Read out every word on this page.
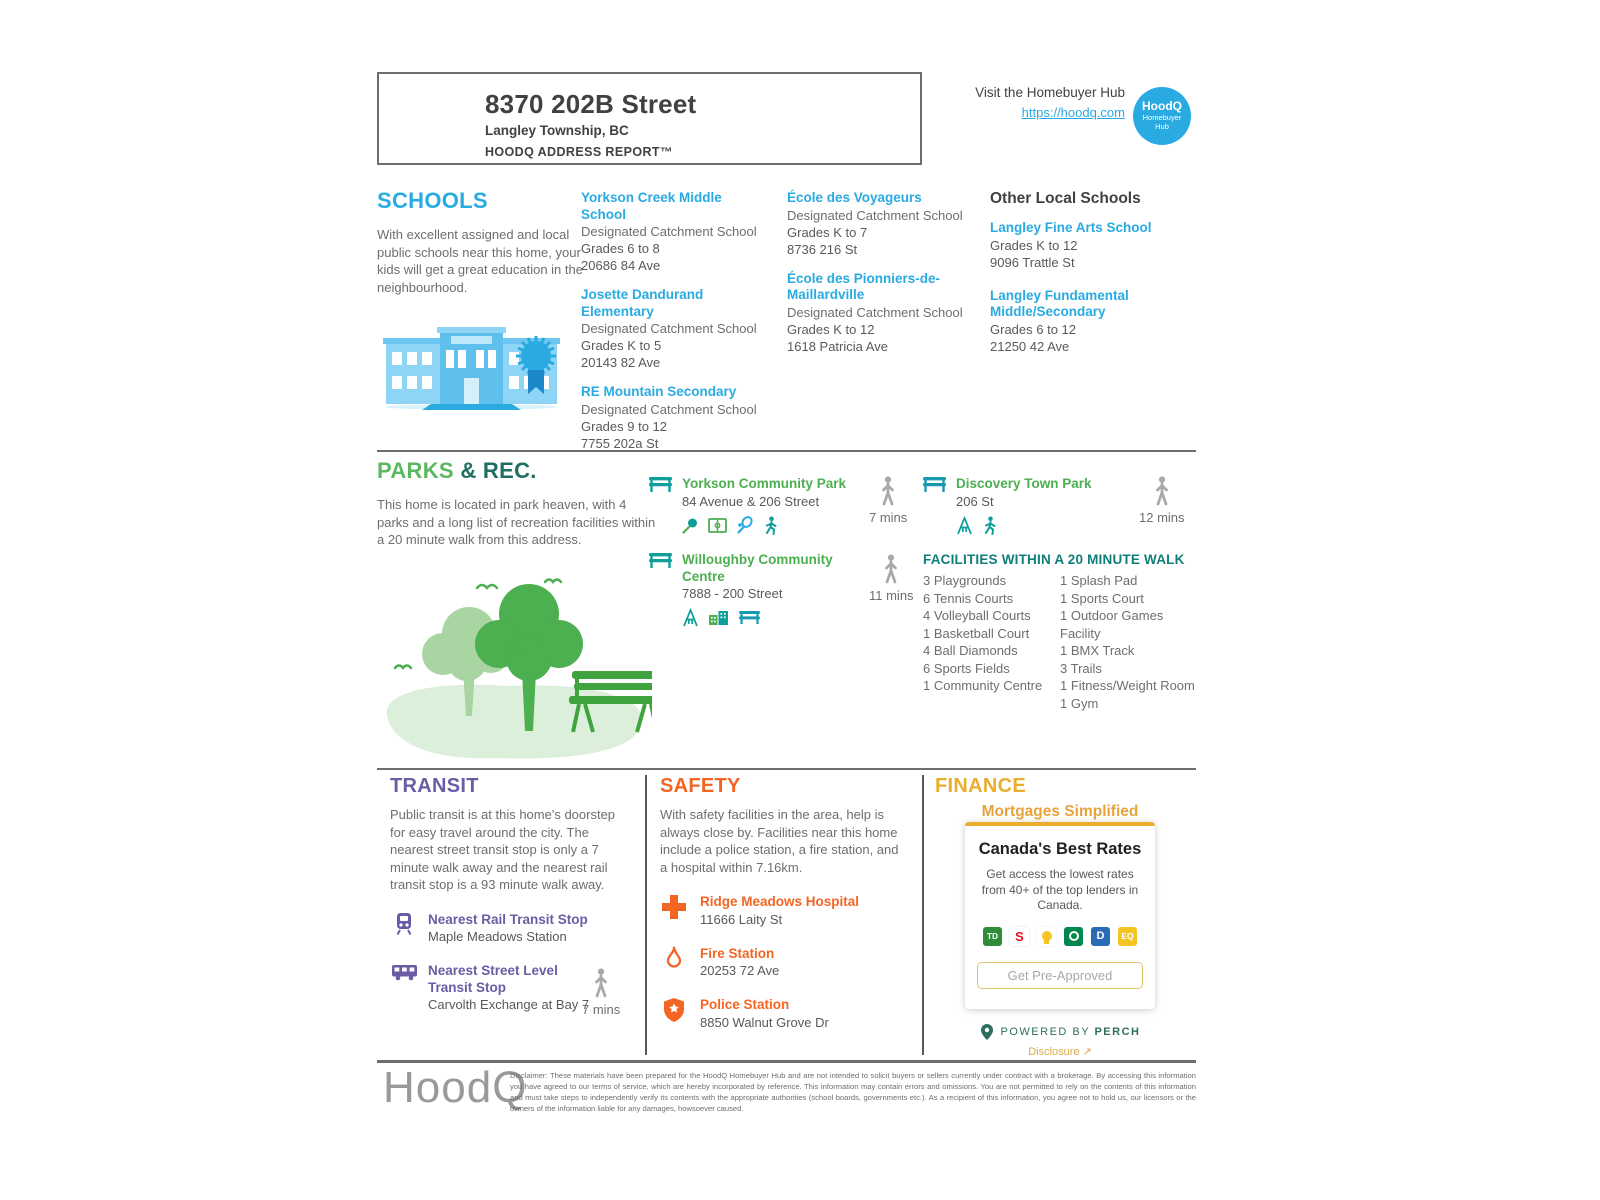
8370 202B Street
Langley Township, BC
HOODQ ADDRESS REPORT™
Visit the Homebuyer Hub
https://hoodq.com HoodQ
Homebuyer
Hub
SCHOOLS

With excellent assigned and local public schools near this home, your kids will get a great education in the neighbourhood.

Yorkson Creek Middle School
Designated Catchment School
Grades 6 to 8
20686 84 Ave
Josette Dandurand Elementary
Designated Catchment School
Grades K to 5
20143 82 Ave
RE Mountain Secondary
Designated Catchment School
Grades 9 to 12
7755 202a St
École des Voyageurs
Designated Catchment School
Grades K to 7
8736 216 St
École des Pionniers-de-Maillardville
Designated Catchment School
Grades K to 12
1618 Patricia Ave
Other Local Schools
Langley Fine Arts School
Grades K to 12
9096 Trattle St
Langley Fundamental Middle/Secondary
Grades 6 to 12
21250 42 Ave
PARKS & REC.

This home is located in park heaven, with 4 parks and a long list of recreation facilities within a 20 minute walk from this address.

Yorkson Community Park
84 Avenue & 206 Street
7 mins
Discovery Town Park
206 St
12 mins
Willoughby Community Centre
7888 - 200 Street	11 mins
FACILITIES WITHIN A 20 MINUTE WALK
3 Playgrounds
6 Tennis Courts
4 Volleyball Courts
1 Basketball Court
4 Ball Diamonds
6 Sports Fields
1 Community Centre
1 Splash Pad
1 Sports Court
1 Outdoor Games Facility
1 BMX Track
3 Trails
1 Fitness/Weight Room
1 Gym
TRANSIT

Public transit is at this home's doorstep for easy travel around the city. The nearest street transit stop is only a 7 minute walk away and the nearest rail transit stop is a 93 minute walk away.

Nearest Rail Transit Stop
Maple Meadows Station
Nearest Street Level Transit Stop
Carvolth Exchange at Bay 7
7 mins
SAFETY

With safety facilities in the area, help is always close by. Facilities near this home include a police station, a fire station, and a hospital within 7.16km.

Ridge Meadows Hospital
11666 Laity St
Fire Station
20253 72 Ave
Police Station
8850 Walnut Grove Dr
FINANCE
Mortgages Simplified
Canada's Best Rates
Get access the lowest rates from 40+ of the top lenders in Canada.
TD	S	D	EQ
Get Pre-Approved
POWERED BY PERCH
Disclosure ↗
HoodQ
Disclaimer: These materials have been prepared for the HoodQ Homebuyer Hub and are not intended to solicit buyers or sellers currently under contract with a brokerage. By accessing this information you have agreed to our terms of service, which are hereby incorporated by reference. This information may contain errors and omissions. You are not permitted to rely on the contents of this information and must take steps to independently verify its contents with the appropriate authorities (school boards, governments etc.). As a recipient of this information, you agree not to hold us, our licensors or the owners of the information liable for any damages, howsoever caused.
